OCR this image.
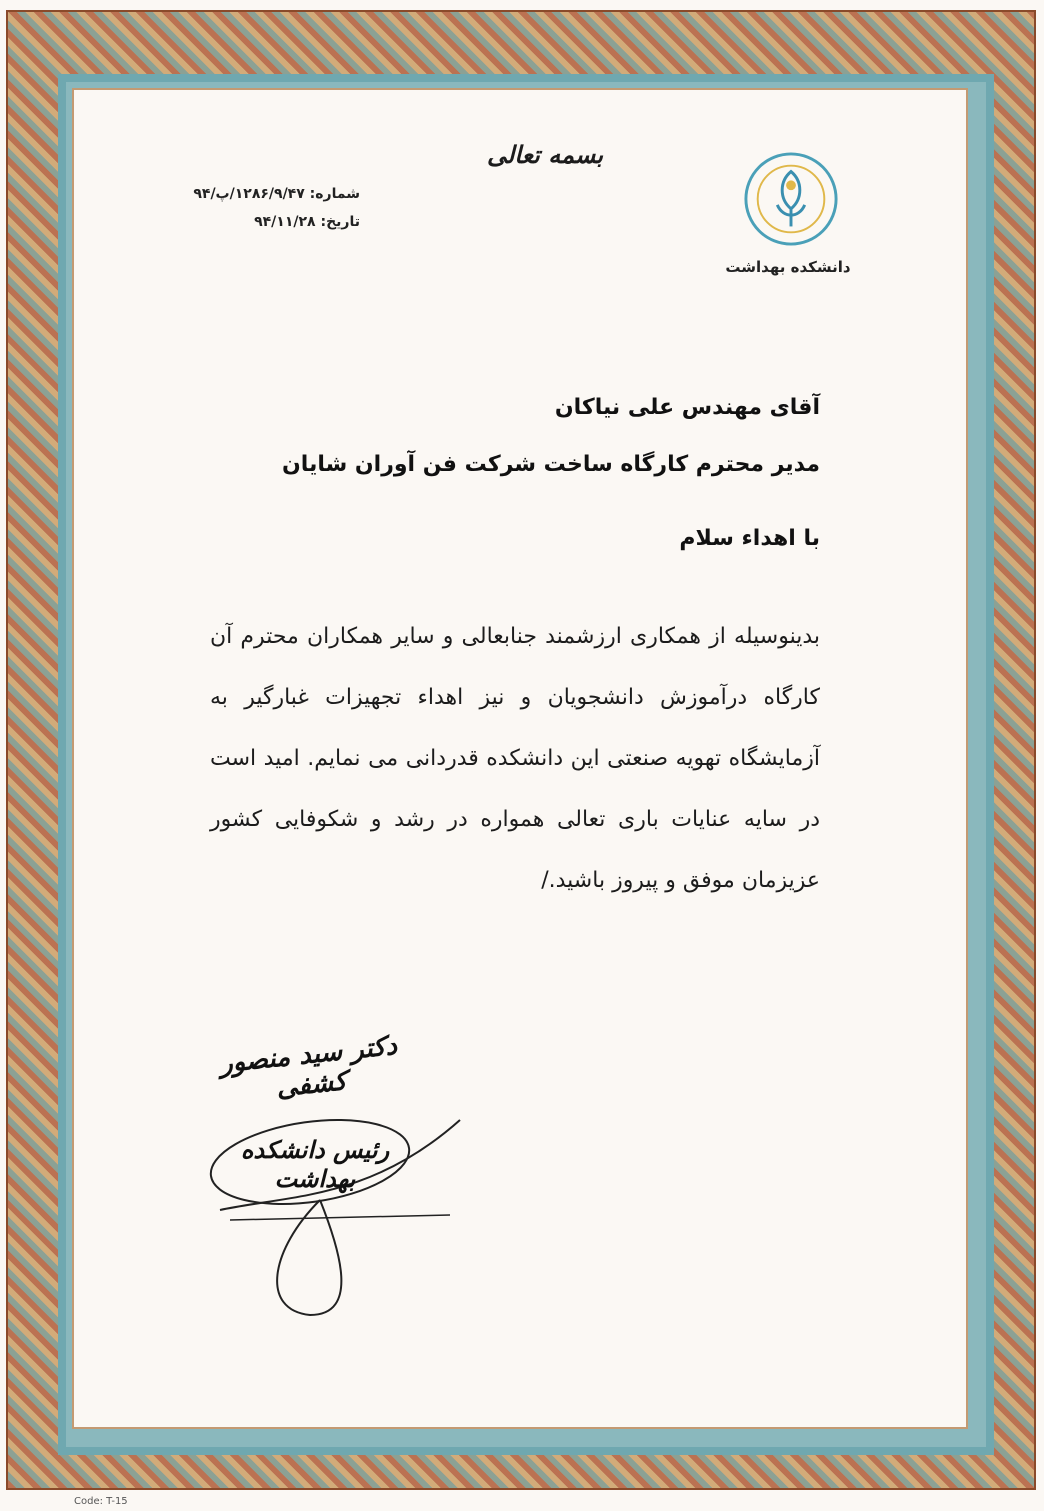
بسمه تعالی
شماره: ۱۲۸۶/۹/۴۷/پ/۹۴
تاریخ: ۹۴/۱۱/۲۸
دانشکده بهداشت
آقای مهندس علی نیاکان
مدیر محترم کارگاه ساخت شرکت فن آوران شایان
با اهداء سلام
بدینوسیله از همکاری ارزشمند جنابعالی و سایر همکاران محترم آن کارگاه درآموزش دانشجویان و نیز اهداء تجهیزات غبارگیر به آزمایشگاه تهویه صنعتی این دانشکده قدردانی می نمایم. امید است در سایه عنایات باری تعالی همواره در رشد و شکوفایی کشور عزیزمان موفق و پیروز باشید./
دکتر سید منصور کشفی
رئیس دانشکده بهداشت
Code: T-15
